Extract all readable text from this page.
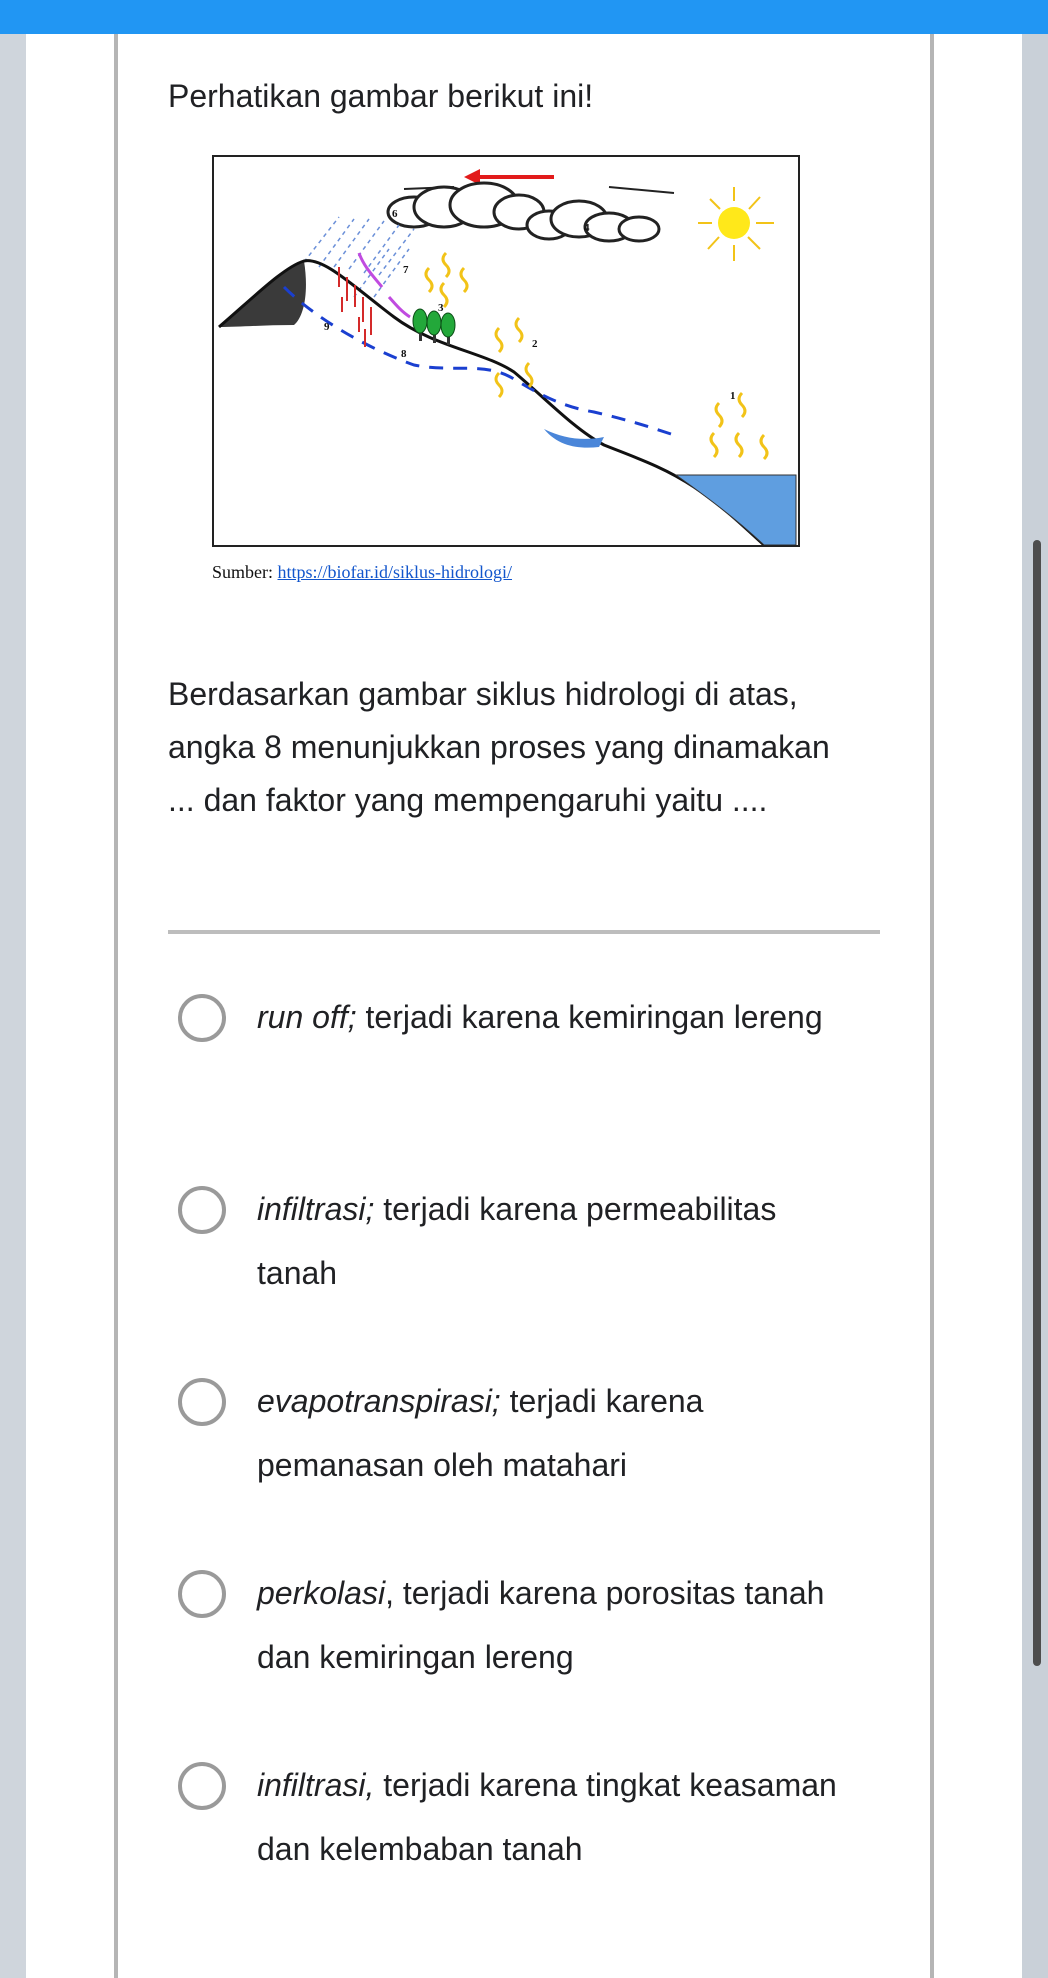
Perhatikan gambar berikut ini!
1
2
3
4
6
7
8
9
Sumber: https://biofar.id/siklus-hidrologi/
Berdasarkan gambar siklus hidrologi di atas, angka 8 menunjukkan proses yang dinamakan ... dan faktor yang mempengaruhi yaitu ....
run off; terjadi karena kemiringan lereng
infiltrasi; terjadi karena permeabilitas tanah
evapotranspirasi; terjadi karena pemanasan oleh matahari
perkolasi, terjadi karena porositas tanah dan kemiringan lereng
infiltrasi, terjadi karena tingkat keasaman dan kelembaban tanah
